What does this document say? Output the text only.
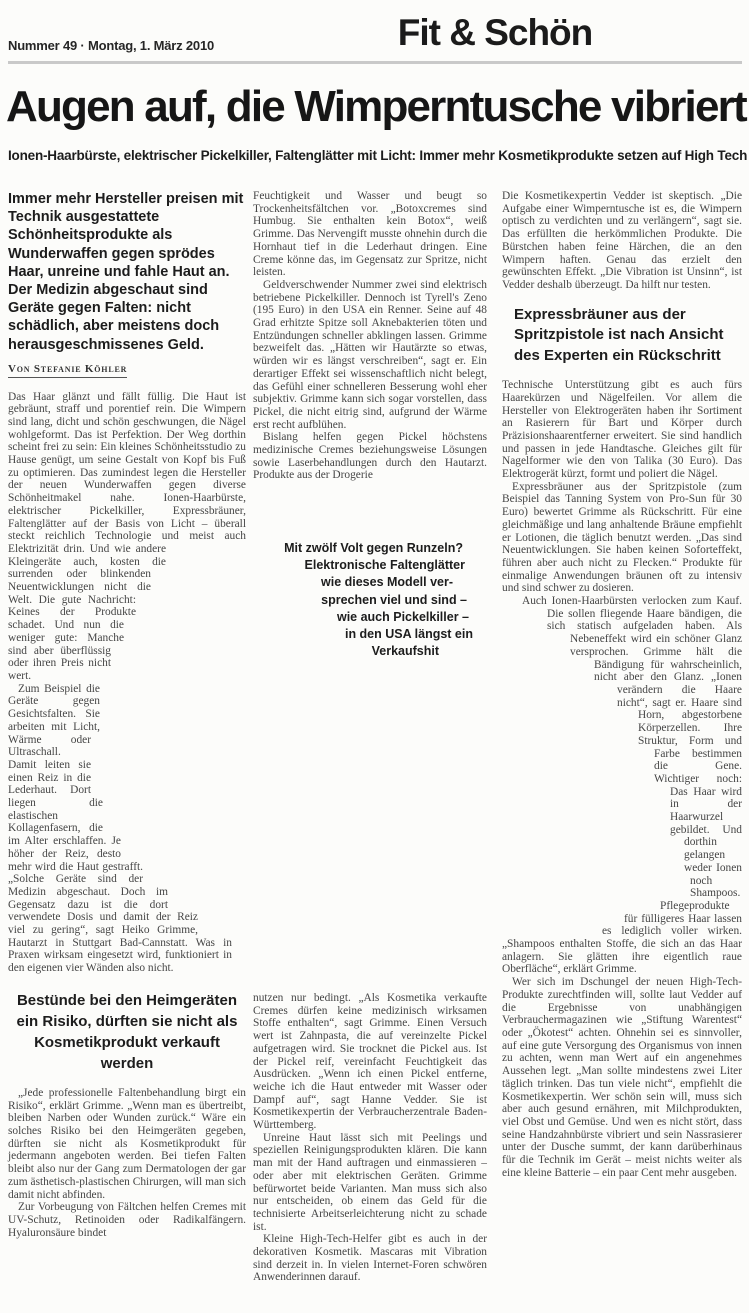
Nummer 49 · Montag, 1. März 2010	Fit & Schön
Augen auf, die Wimperntusche vibriert
Ionen-Haarbürste, elektrischer Pickelkiller, Faltenglätter mit Licht: Immer mehr Kosmetikprodukte setzen auf High Tech

Immer mehr Hersteller preisen mit Technik ausgestattete Schönheitsprodukte als Wunderwaffen gegen sprödes Haar, unreine und fahle Haut an. Der Medizin abgeschaut sind Geräte gegen Falten: nicht schädlich, aber meistens doch herausgeschmissenes Geld.

Von Stefanie Köhler

Das Haar glänzt und fällt füllig. Die Haut ist gebräunt, straff und porentief rein. Die Wimpern sind lang, dicht und schön geschwungen, die Nägel wohlgeformt. Das ist Perfektion. Der Weg dorthin scheint frei zu sein: Ein kleines Schönheitsstudio zu Hause genügt, um seine Gestalt von Kopf bis Fuß zu optimieren. Das zumindest legen die Hersteller der neuen Wunderwaffen gegen diverse Schönheitmakel nahe. Ionen-Haarbürste, elektrischer Pickelkiller, Expressbräuner, Faltenglätter auf der Basis von Licht – überall steckt reichlich Technologie und meist auch Elektrizität drin.
Und wie andere Kleingeräte auch, kosten die surrenden oder blinkenden Neuentwicklungen nicht die Welt. Die gute Nachricht: Keines der Produkte schadet. Und nun die weniger gute: Manche sind aber überflüssig oder ihren Preis nicht wert.

Zum Beispiel die Geräte gegen Gesichtsfalten. Sie arbeiten mit Licht, Wärme oder Ultraschall. Damit leiten sie einen Reiz in die Lederhaut. Dort liegen die elastischen Kollagenfasern, die im Alter erschlaffen. Je höher der Reiz, desto mehr wird die Haut gestrafft. „Solche Geräte sind der Medizin abgeschaut. Doch im Gegensatz dazu ist die dort verwendete Dosis und damit der Reiz viel zu gering“, sagt Heiko Grimme, Hautarzt in Stuttgart Bad-Cannstatt. Was in Praxen wirksam eingesetzt wird, funktioniert in den eigenen vier Wänden also nicht.

Bestünde bei den Heimgeräten ein Risiko, dürften sie nicht als Kosmetikprodukt verkauft werden

„Jede professionelle Faltenbehandlung birgt ein Risiko“, erklärt Grimme. „Wenn man es übertreibt, bleiben Narben oder Wunden zurück.“ Wäre ein solches Risiko bei den Heimgeräten gegeben, dürften sie nicht als Kosmetikprodukt für jedermann angeboten werden. Bei tiefen Falten bleibt also nur der Gang zum Dermatologen der gar zum ästhetisch-plastischen Chirurgen, will man sich damit nicht abfinden.

Zur Vorbeugung von Fältchen helfen Cremes mit UV-Schutz, Retinoiden oder Radikalfängern. Hyaluronsäure bindet

Feuchtigkeit und Wasser und beugt so Trockenheitsfältchen vor. „Botoxcremes sind Humbug. Sie enthalten kein Botox“, weiß Grimme. Das Nervengift musste ohnehin durch die Hornhaut tief in die Lederhaut dringen. Eine Creme könne das, im Gegensatz zur Spritze, nicht leisten.

Geldverschwender Nummer zwei sind elektrisch betriebene Pickelkiller. Dennoch ist Tyrell's Zeno (195 Euro) in den USA ein Renner. Seine auf 48 Grad erhitzte Spitze soll Aknebakterien töten und Entzündungen schneller abklingen lassen. Grimme bezweifelt das. „Hätten wir Hautärzte so etwas, würden wir es längst verschreiben“, sagt er. Ein derartiger Effekt sei wissenschaftlich nicht belegt, das Gefühl einer schnelleren Besserung wohl eher subjektiv. Grimme kann sich sogar vorstellen, dass Pickel, die nicht eitrig sind, aufgrund der Wärme erst recht aufblühen.

Bislang helfen gegen Pickel höchstens medizinische Cremes beziehungsweise Lösungen sowie Laserbehandlungen durch den Hautarzt. Produkte aus der Drogerie

Mit zwölf Volt gegen Runzeln?
Elektronische Faltenglätter
wie dieses Modell ver-
sprechen viel und sind –
wie auch Pickelkiller –
in den USA längst ein
Verkaufshit

nutzen nur bedingt. „Als Kosmetika verkaufte Cremes dürfen keine medizinisch wirksamen Stoffe enthalten“, sagt Grimme. Einen Versuch wert ist Zahnpasta, die auf vereinzelte Pickel aufgetragen wird. Sie trocknet die Pickel aus. Ist der Pickel reif, vereinfacht Feuchtigkeit das Ausdrücken. „Wenn ich einen Pickel entferne, weiche ich die Haut entweder mit Wasser oder Dampf auf“, sagt Hanne Vedder. Sie ist Kosmetikexpertin der Verbraucherzentrale Baden-Württemberg.

Unreine Haut lässt sich mit Peelings und speziellen Reinigungsprodukten klären. Die kann man mit der Hand auftragen und einmassieren – oder aber mit elektrischen Geräten. Grimme befürwortet beide Varianten. Man muss sich also nur entscheiden, ob einem das Geld für die technisierte Arbeitserleichterung nicht zu schade ist.

Kleine High-Tech-Helfer gibt es auch in der dekorativen Kosmetik. Mascaras mit Vibration sind derzeit in. In vielen Internet-Foren schwören Anwenderinnen darauf.

Die Kosmetikexpertin Vedder ist skeptisch. „Die Aufgabe einer Wimperntusche ist es, die Wimpern optisch zu verdichten und zu verlängern“, sagt sie. Das erfüllten die herkömmlichen Produkte. Die Bürstchen haben feine Härchen, die an den Wimpern haften. Genau das erzielt den gewünschten Effekt. „Die Vibration ist Unsinn“, ist Vedder deshalb überzeugt. Da hilft nur testen.

Expressbräuner aus der Spritzpistole ist nach Ansicht des Experten ein Rückschritt

Technische Unterstützung gibt es auch fürs Haarekürzen und Nägelfeilen. Vor allem die Hersteller von Elektrogeräten haben ihr Sortiment an Rasierern für Bart und Körper durch Präzisionshaarentferner erweitert. Sie sind handlich und passen in jede Handtasche. Gleiches gilt für Nagelformer wie den von Talika (30 Euro). Das Elektrogerät kürzt, formt und poliert die Nägel.

Expressbräuner aus der Spritzpistole (zum Beispiel das Tanning System von Pro-Sun für 30 Euro) bewertet Grimme als Rückschritt. Für eine gleichmäßige und lang anhaltende Bräune empfiehlt er Lotionen, die täglich benutzt werden. „Das sind Neuentwicklungen. Sie haben keinen Soforteffekt, führen aber auch nicht zu Flecken.“ Produkte für einmalige Anwendungen bräunen oft zu intensiv und sind schwer zu dosieren.

Auch Ionen-Haarbürsten verlocken zum Kauf. Die sollen fliegende Haare bändigen, die sich statisch aufgeladen haben. Als Nebeneffekt wird ein schöner Glanz versprochen. Grimme hält die Bändigung für wahrscheinlich, nicht aber den Glanz. „Ionen verändern die Haare nicht“, sagt er. Haare sind Horn, abgestorbene Körperzellen. Ihre Struktur, Form und Farbe bestimmen die Gene. Wichtiger noch: Das Haar wird in der Haarwurzel gebildet. Und dorthin gelangen weder Ionen noch Shampoos. Pflegeprodukte für fülligeres Haar lassen es lediglich voller wirken. „Shampoos enthalten Stoffe, die sich an das Haar anlagern. Sie glätten ihre eigentlich raue Oberfläche“, erklärt Grimme.

Wer sich im Dschungel der neuen High-Tech-Produkte zurechtfinden will, sollte laut Vedder auf die Ergebnisse von unabhängigen Verbrauchermagazinen wie „Stiftung Warentest“ oder „Ökotest“ achten. Ohnehin sei es sinnvoller, auf eine gute Versorgung des Organismus von innen zu achten, wenn man Wert auf ein angenehmes Aussehen legt. „Man sollte mindestens zwei Liter täglich trinken. Das tun viele nicht“, empfiehlt die Kosmetikexpertin. Wer schön sein will, muss sich aber auch gesund ernähren, mit Milchprodukten, viel Obst und Gemüse. Und wen es nicht stört, dass seine Handzahnbürste vibriert und sein Nassrasierer unter der Dusche summt, der kann darüberhinaus für die Technik im Gerät – meist nichts weiter als eine kleine Batterie – ein paar Cent mehr ausgeben.
